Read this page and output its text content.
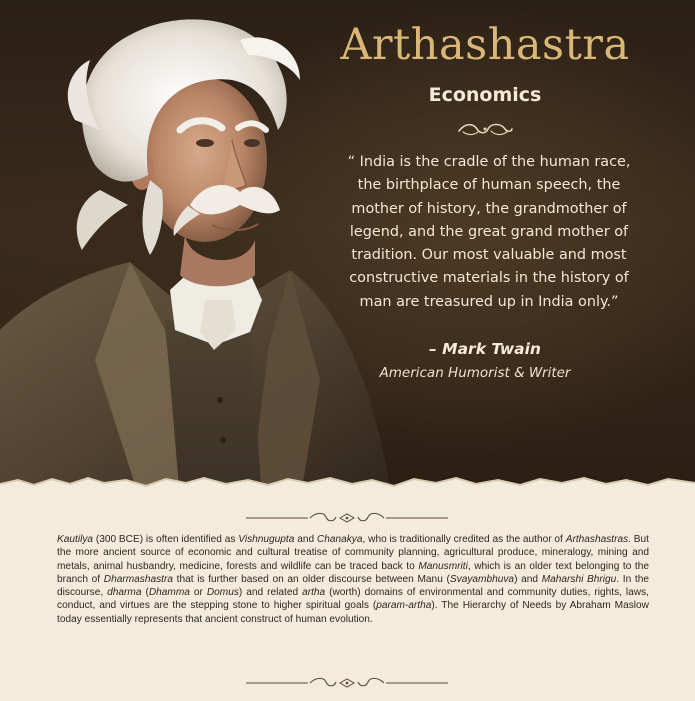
Arthashastra
Economics

“ India is the cradle of the human race,
the birthplace of human speech, the
mother of history, the grandmother of
legend, and the great grand mother of
tradition. Our most valuable and most
constructive materials in the history of
man are treasured up in India only.”

– Mark Twain

American Humorist & Writer

Kautilya (300 BCE) is often identified as Vishnugupta and Chanakya, who is traditionally credited as the author of Arthashastras. But the more ancient source of economic and cultural treatise of community planning, agricultural produce, mineralogy, mining and metals, animal husbandry, medicine, forests and wildlife can be traced back to Manusmriti, which is an older text belonging to the branch of Dharmashastra that is further based on an older discourse between Manu (Svayambhuva) and Maharshi Bhrigu. In the discourse, dharma (Dhamma or Domus) and related artha (worth) domains of environmental and community duties, rights, laws, conduct, and virtues are the stepping stone to higher spiritual goals (param-artha). The Hierarchy of Needs by Abraham Maslow today essentially represents that ancient construct of human evolution.
